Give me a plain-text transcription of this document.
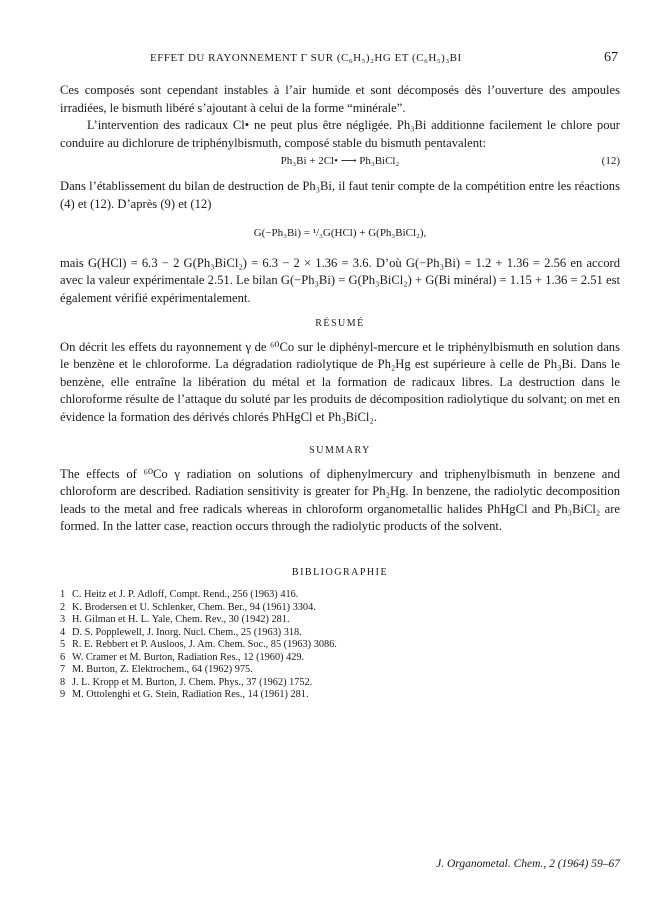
EFFET DU RAYONNEMENT Γ SUR (C₆H₅)₂HG ET (C₆H₅)₃BI	67

Ces composés sont cependant instables à l’air humide et sont décomposés dès l’ouverture des ampoules irradiées, le bismuth libéré s’ajoutant à celui de la forme “minérale”.

L’intervention des radicaux Cl• ne peut plus être négligée. Ph₃Bi additionne facilement le chlore pour conduire au dichlorure de triphénylbismuth, composé stable du bismuth pentavalent:

Ph₃Bi + 2Cl• ⟶ Ph₃BiCl₂	(12)

Dans l’établissement du bilan de destruction de Ph₃Bi, il faut tenir compte de la compétition entre les réactions (4) et (12). D’après (9) et (12)

G(−Ph₃Bi) = ¹/₃G(HCl) + G(Ph₃BiCl₂),

mais G(HCl) = 6.3 − 2 G(Ph₃BiCl₂) = 6.3 − 2 × 1.36 = 3.6. D’où G(−Ph₃Bi) = 1.2 + 1.36 = 2.56 en accord avec la valeur expérimentale 2.51. Le bilan G(−Ph₃Bi) = G(Ph₃BiCl₂) + G(Bi minéral) = 1.15 + 1.36 = 2.51 est également vérifié expérimentalement.

RÉSUMÉ

On décrit les effets du rayonnement γ de ⁶⁰Co sur le diphényl-mercure et le triphénylbismuth en solution dans le benzène et le chloroforme. La dégradation radiolytique de Ph₂Hg est supérieure à celle de Ph₃Bi. Dans le benzène, elle entraîne la libération du métal et la formation de radicaux libres. La destruction dans le chloroforme résulte de l’attaque du soluté par les produits de décomposition radiolytique du solvant; on met en évidence la formation des dérivés chlorés PhHgCl et Ph₃BiCl₂.

SUMMARY

The effects of ⁶⁰Co γ radiation on solutions of diphenylmercury and triphenylbismuth in benzene and chloroform are described. Radiation sensitivity is greater for Ph₂Hg. In benzene, the radiolytic decomposition leads to the metal and free radicals whereas in chloroform organometallic halides PhHgCl and Ph₃BiCl₂ are formed. In the latter case, reaction occurs through the radiolytic products of the solvent.

BIBLIOGRAPHIE
1 C. Heitz et J. P. Adloff, Compt. Rend., 256 (1963) 416.
2 K. Brodersen et U. Schlenker, Chem. Ber., 94 (1961) 3304.
3 H. Gilman et H. L. Yale, Chem. Rev., 30 (1942) 281.
4 D. S. Popplewell, J. Inorg. Nucl. Chem., 25 (1963) 318.
5 R. E. Rebbert et P. Ausloos, J. Am. Chem. Soc., 85 (1963) 3086.
6 W. Cramer et M. Burton, Radiation Res., 12 (1960) 429.
7 M. Burton, Z. Elektrochem., 64 (1962) 975.
8 J. L. Kropp et M. Burton, J. Chem. Phys., 37 (1962) 1752.
9 M. Ottolenghi et G. Stein, Radiation Res., 14 (1961) 281.
J. Organometal. Chem., 2 (1964) 59–67
